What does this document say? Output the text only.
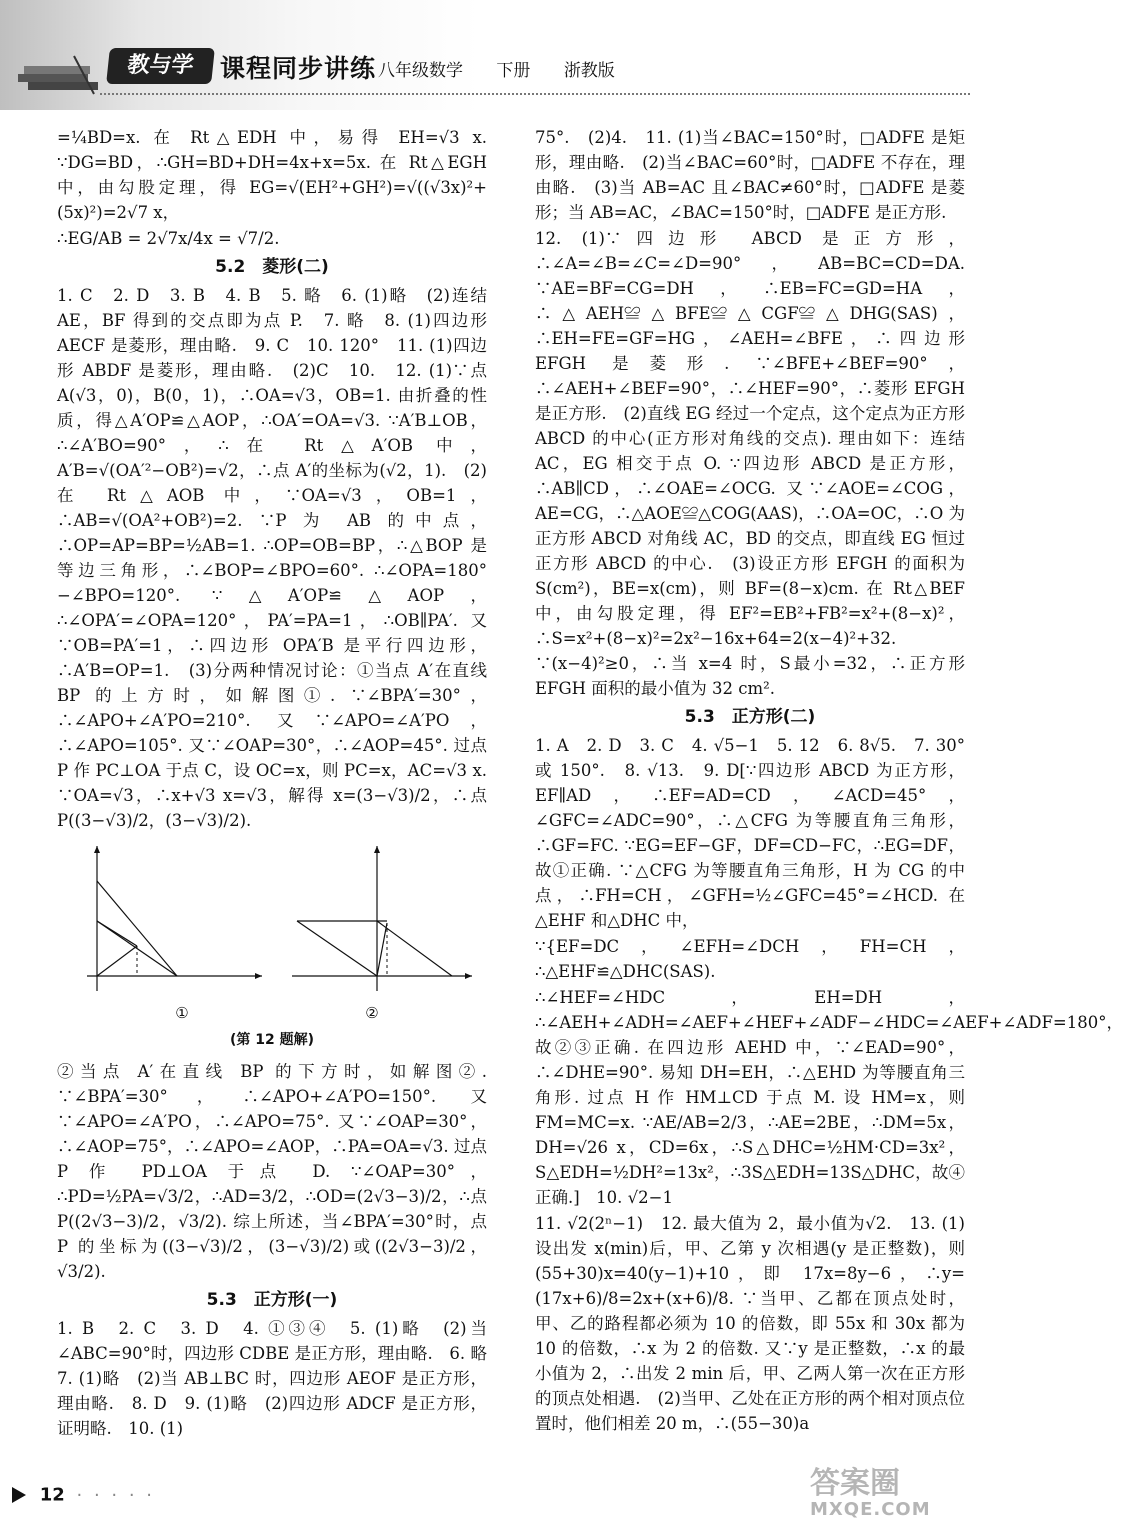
教与学	课程同步讲练 八年级数学 下册 浙教版

=¼BD=x. 在 Rt△EDH 中，易得 EH=√3 x. ∵DG=BD，∴GH=BD+DH=4x+x=5x. 在 Rt△EGH 中，由勾股定理，得 EG=√(EH²+GH²)=√((√3x)²+(5x)²)=2√7 x，

∴EG/AB = 2√7x/4x = √7/2.

5.2　菱形(二)

1. C　2. D　3. B　4. B　5. 略　6. (1)略　(2)连结 AE，BF 得到的交点即为点 P.　7. 略　8. (1)四边形 AECF 是菱形，理由略.　9. C　10. 120°　11. (1)四边形 ABDF 是菱形，理由略.　(2)C　10.　12. (1)∵点 A(√3，0)，B(0，1)，∴OA=√3，OB=1. 由折叠的性质，得△A′OP≌△AOP，∴OA′=OA=√3. ∵A′B⊥OB，∴∠A′BO=90°，∴在 Rt△A′OB 中，A′B=√(OA′²−OB²)=√2，∴点 A′的坐标为(√2，1).　(2)在 Rt△AOB 中，∵OA=√3，OB=1，∴AB=√(OA²+OB²)=2. ∵P 为 AB 的中点，∴OP=AP=BP=½AB=1. ∴OP=OB=BP，∴△BOP 是等边三角形，∴∠BOP=∠BPO=60°. ∴∠OPA=180°−∠BPO=120°. ∵△A′OP≌△AOP，∴∠OPA′=∠OPA=120°，PA′=PA=1，∴OB∥PA′. 又∵OB=PA′=1，∴四边形 OPA′B 是平行四边形，∴A′B=OP=1.　(3)分两种情况讨论：①当点 A′在直线 BP 的上方时，如解图①. ∵∠BPA′=30°，∴∠APO+∠A′PO=210°. 又∵∠APO=∠A′PO，∴∠APO=105°. 又∵∠OAP=30°，∴∠AOP=45°. 过点 P 作 PC⊥OA 于点 C，设 OC=x，则 PC=x，AC=√3 x. ∵OA=√3，∴x+√3 x=√3，解得 x=(3−√3)/2，∴点 P((3−√3)/2，(3−√3)/2).

①	②
(第 12 题解)

②当点 A′在直线 BP 的下方时，如解图②. ∵∠BPA′=30°，∴∠APO+∠A′PO=150°. 又∵∠APO=∠A′PO，∴∠APO=75°. 又∵∠OAP=30°，∴∠AOP=75°，∴∠APO=∠AOP，∴PA=OA=√3. 过点 P 作 PD⊥OA 于点 D. ∵∠OAP=30°，∴PD=½PA=√3/2，∴AD=3/2，∴OD=(2√3−3)/2，∴点 P((2√3−3)/2，√3/2). 综上所述，当∠BPA′=30°时，点 P 的坐标为((3−√3)/2，(3−√3)/2)或((2√3−3)/2，√3/2).

5.3　正方形(一)

1. B　2. C　3. D　4. ①③④　5. (1)略　(2)当∠ABC=90°时，四边形 CDBE 是正方形，理由略.　6. 略　7. (1)略　(2)当 AB⊥BC 时，四边形 AEOF 是正方形，理由略.　8. D　9. (1)略　(2)四边形 ADCF 是正方形，证明略.　10. (1)

75°.　(2)4.　11. (1)当∠BAC=150°时，□ADFE 是矩形，理由略.　(2)当∠BAC=60°时，□ADFE 不存在，理由略.　(3)当 AB=AC 且∠BAC≠60°时，□ADFE 是菱形；当 AB=AC，∠BAC=150°时，□ADFE 是正方形.

12. (1)∵四边形 ABCD 是正方形，∴∠A=∠B=∠C=∠D=90°，AB=BC=CD=DA. ∵AE=BF=CG=DH，∴EB=FC=GD=HA，∴△AEH≌△BFE≌△CGF≌△DHG(SAS)，∴EH=FE=GF=HG，∠AEH=∠BFE，∴四边形 EFGH 是菱形. ∵∠BFE+∠BEF=90°，∴∠AEH+∠BEF=90°，∴∠HEF=90°，∴菱形 EFGH 是正方形.　(2)直线 EG 经过一个定点，这个定点为正方形 ABCD 的中心(正方形对角线的交点). 理由如下：连结 AC，EG 相交于点 O. ∵四边形 ABCD 是正方形，∴AB∥CD，∴∠OAE=∠OCG. 又∵∠AOE=∠COG，AE=CG，∴△AOE≌△COG(AAS)，∴OA=OC，∴O 为正方形 ABCD 对角线 AC，BD 的交点，即直线 EG 恒过正方形 ABCD 的中心.　(3)设正方形 EFGH 的面积为 S(cm²)，BE=x(cm)，则 BF=(8−x)cm. 在 Rt△BEF 中，由勾股定理，得 EF²=EB²+FB²=x²+(8−x)²，∴S=x²+(8−x)²=2x²−16x+64=2(x−4)²+32. ∵(x−4)²≥0，∴当 x=4 时，S最小=32，∴正方形 EFGH 面积的最小值为 32 cm².

5.3　正方形(二)

1. A　2. D　3. C　4. √5−1　5. 12　6. 8√5.　7. 30°或 150°.　8. √13.　9. D[∵四边形 ABCD 为正方形，EF∥AD，∴EF=AD=CD，∠ACD=45°，∠GFC=∠ADC=90°，∴△CFG 为等腰直角三角形，∴GF=FC. ∵EG=EF−GF，DF=CD−FC，∴EG=DF，故①正确. ∵△CFG 为等腰直角三角形，H 为 CG 的中点，∴FH=CH，∠GFH=½∠GFC=45°=∠HCD. 在△EHF 和△DHC 中，

∵{EF=DC，∠EFH=∠DCH，FH=CH，∴△EHF≌△DHC(SAS).

∴∠HEF=∠HDC，EH=DH，∴∠AEH+∠ADH=∠AEF+∠HEF+∠ADF−∠HDC=∠AEF+∠ADF=180°，故②③正确. 在四边形 AEHD 中，∵∠EAD=90°，∴∠DHE=90°. 易知 DH=EH，∴△EHD 为等腰直角三角形. 过点 H 作 HM⊥CD 于点 M. 设 HM=x，则 FM=MC=x. ∵AE/AB=2/3，∴AE=2BE，∴DM=5x，DH=√26 x，CD=6x，∴S△DHC=½HM·CD=3x²，S△EDH=½DH²=13x²，∴3S△EDH=13S△DHC，故④正确.]　10. √2−1

11. √2(2ⁿ−1)　12. 最大值为 2，最小值为√2.　13. (1)设出发 x(min)后，甲、乙第 y 次相遇(y 是正整数)，则(55+30)x=40(y−1)+10，即 17x=8y−6，∴y=(17x+6)/8=2x+(x+6)/8. ∵当甲、乙都在顶点处时，甲、乙的路程都必须为 10 的倍数，即 55x 和 30x 都为 10 的倍数，∴x 为 2 的倍数. 又∵y 是正整数，∴x 的最小值为 2，∴出发 2 min 后，甲、乙两人第一次在正方形的顶点处相遇.　(2)当甲、乙处在正方形的两个相对顶点位置时，他们相差 20 m，∴(55−30)a

12 · · · · ·	答案圈
MXQE.COM
